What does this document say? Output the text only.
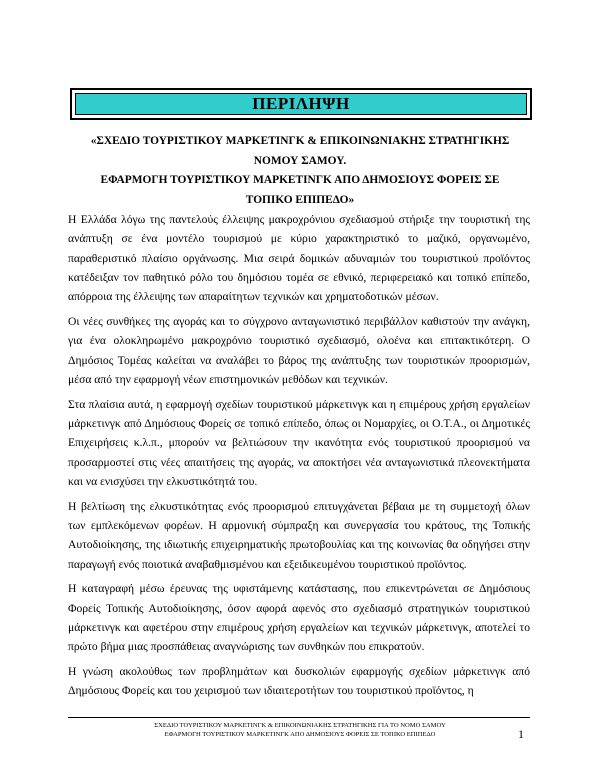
ΠΕΡΙΛΗΨΗ
«ΣΧΕΔΙΟ ΤΟΥΡΙΣΤΙΚΟΥ ΜΑΡΚΕΤΙΝΓΚ & ΕΠΙΚΟΙΝΩΝΙΑΚΗΣ ΣΤΡΑΤΗΓΙΚΗΣ
ΝΟΜΟΥ ΣΑΜΟΥ.
ΕΦΑΡΜΟΓΗ ΤΟΥΡΙΣΤΙΚΟΥ ΜΑΡΚΕΤΙΝΓΚ ΑΠΟ ΔΗΜΟΣΙΟΥΣ ΦΟΡΕΙΣ ΣΕ
ΤΟΠΙΚΟ ΕΠΙΠΕΔΟ»

Η Ελλάδα λόγω της παντελούς έλλειψης μακροχρόνιου σχεδιασμού στήριξε την τουριστική της ανάπτυξη σε ένα μοντέλο τουρισμού με κύριο χαρακτηριστικό το μαζικό, οργανωμένο, παραθεριστικό πλαίσιο οργάνωσης. Μια σειρά δομικών αδυναμιών του τουριστικού προϊόντος κατέδειξαν τον παθητικό ρόλο του δημόσιου τομέα σε εθνικό, περιφερειακό και τοπικό επίπεδο, απόρροια της έλλειψης των απαραίτητων τεχνικών και χρηματοδοτικών μέσων.

Οι νέες συνθήκες της αγοράς και το σύγχρονο ανταγωνιστικό περιβάλλον καθιστούν την ανάγκη, για ένα ολοκληρωμένο μακροχρόνιο τουριστικό σχεδιασμό, ολοένα και επιτακτικότερη. Ο Δημόσιος Τομέας καλείται να αναλάβει το βάρος της ανάπτυξης των τουριστικών προορισμών, μέσα από την εφαρμογή νέων επιστημονικών μεθόδων και τεχνικών.

Στα πλαίσια αυτά, η εφαρμογή σχεδίων τουριστικού μάρκετινγκ και η επιμέρους χρήση εργαλείων μάρκετινγκ από Δημόσιους Φορείς σε τοπικό επίπεδο, όπως οι Νομαρχίες, οι Ο.Τ.Α., οι Δημοτικές Επιχειρήσεις κ.λ.π., μπορούν να βελτιώσουν την ικανότητα ενός τουριστικού προορισμού να προσαρμοστεί στις νέες απαιτήσεις της αγοράς, να αποκτήσει νέα ανταγωνιστικά πλεονεκτήματα και να ενισχύσει την ελκυστικότητά του.

Η βελτίωση της ελκυστικότητας ενός προορισμού επιτυγχάνεται βέβαια με τη συμμετοχή όλων των εμπλεκόμενων φορέων. Η αρμονική σύμπραξη και συνεργασία του κράτους, της Τοπικής Αυτοδιοίκησης, της ιδιωτικής επιχειρηματικής πρωτοβουλίας και της κοινωνίας θα οδηγήσει στην παραγωγή ενός ποιοτικά αναβαθμισμένου και εξειδικευμένου τουριστικού προϊόντος.

Η καταγραφή μέσω έρευνας της υφιστάμενης κατάστασης, που επικεντρώνεται σε Δημόσιους Φορείς Τοπικής Αυτοδιοίκησης, όσον αφορά αφενός στο σχεδιασμό στρατηγικών τουριστικού μάρκετινγκ και αφετέρου στην επιμέρους χρήση εργαλείων και τεχνικών μάρκετινγκ, αποτελεί το πρώτο βήμα μιας προσπάθειας αναγνώρισης των συνθηκών που επικρατούν.

Η γνώση ακολούθως των προβλημάτων και δυσκολιών εφαρμογής σχεδίων μάρκετινγκ από Δημόσιους Φορείς και του χειρισμού των ιδιαιτεροτήτων του τουριστικού προϊόντος, η

ΣΧΕΔΙΟ ΤΟΥΡΙΣΤΙΚΟΥ ΜΑΡΚΕΤΙΝΓΚ & ΕΠΙΚΟΙΝΩΝΙΑΚΗΣ ΣΤΡΑΤΗΓΙΚΗΣ ΓΙΑ ΤΟ ΝΟΜΟ ΣΑΜΟΥ
ΕΦΑΡΜΟΓΗ ΤΟΥΡΙΣΤΙΚΟΥ ΜΑΡΚΕΤΙΝΓΚ ΑΠΟ ΔΗΜΟΣΙΟΥΣ ΦΟΡΕΙΣ ΣΕ ΤΟΠΙΚΟ ΕΠΙΠΕΔΟ	1
